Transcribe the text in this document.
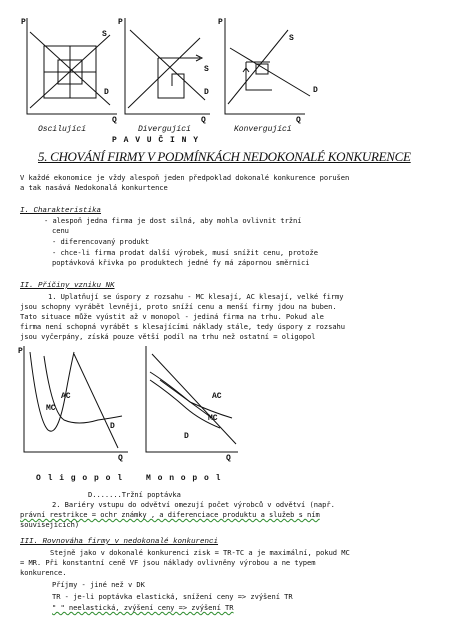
P
S
D
Q
Oscilující
P
S
D
Q
Divergující
P
S
D
Q
Konvergující
P A V U Č I N Y
5. CHOVÁNÍ FIRMY V PODMÍNKÁCH NEDOKONALÉ KONKURENCE
V každé ekonomice je vždy alespoň jeden předpoklad dokonalé konkurence porušen
a tak nasává Nedokonalá konkurtence
I. Charakteristika
- alespoň jedna firma je dost silná, aby mohla ovlivnit tržní
cenu
- diferencovaný produkt
- chce-li firma prodat další výrobek, musí snížit cenu, protože
poptávková křivka po produktech jedné fy má zápornou směrnici
II. Příčiny vzniku NK
1. Uplatňují se úspory z rozsahu - MC klesají, AC klesají, velké firmy
jsou schopny vyrábět levněji, proto sníží cenu a menší firmy jdou na buben.
Tato situace může vyústit až v monopol - jediná firma na trhu. Pokud ale
firma není schopná vyrábět s klesajícími náklady stále, tedy úspory z rozsahu
jsou vyčerpány, získá pouze větší podíl na trhu než ostatní = oligopol
P
AC
MC
D
Q
O l i g o p o l
AC
MC
D
Q
M o n o p o l
D.......Tržní poptávka
2. Bariéry vstupu do odvětví omezují počet výrobců v odvětví (např.
právní restrikce = ochr známky , a diferenciace produktu a služeb s ním
souvisejících)
III. Rovnováha firmy v nedokonalé konkurenci
Stejně jako v dokonalé konkurenci zisk = TR-TC a je maximální, pokud MC
= MR. Při konstantní ceně VF jsou náklady ovlivněny výrobou a ne typem
konkurence.
Příjmy - jiné než v DK
TR - je-li poptávka elastická, snížení ceny => zvýšení TR
" " neelastická, zvýšení ceny => zvýšení TR
